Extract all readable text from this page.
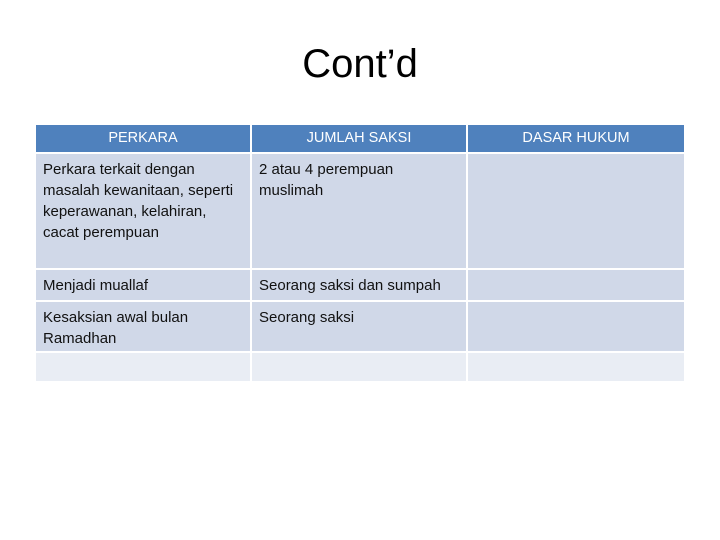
Cont’d
PERKARA	JUMLAH SAKSI	DASAR HUKUM
Perkara terkait dengan masalah kewanitaan, seperti keperawanan, kelahiran, cacat perempuan	2 atau 4 perempuan muslimah	
Menjadi muallaf	Seorang saksi dan sumpah	
Kesaksian awal bulan Ramadhan	Seorang saksi	
